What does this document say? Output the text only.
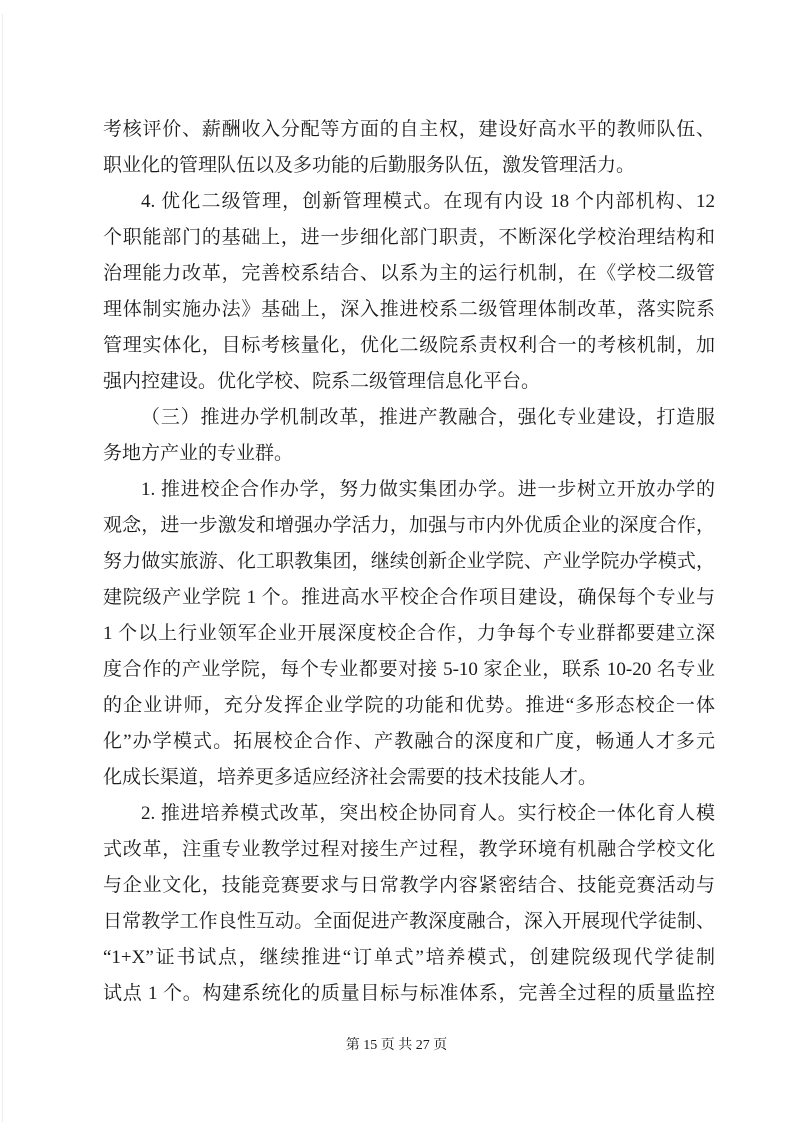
考核评价、薪酬收入分配等方面的自主权，建设好高水平的教师队伍、
职业化的管理队伍以及多功能的后勤服务队伍，激发管理活力。
4. 优化二级管理，创新管理模式。在现有内设 18 个内部机构、12
个职能部门的基础上，进一步细化部门职责，不断深化学校治理结构和
治理能力改革，完善校系结合、以系为主的运行机制，在《学校二级管
理体制实施办法》基础上，深入推进校系二级管理体制改革，落实院系
管理实体化，目标考核量化，优化二级院系责权利合一的考核机制，加
强内控建设。优化学校、院系二级管理信息化平台。
（三）推进办学机制改革，推进产教融合，强化专业建设，打造服
务地方产业的专业群。
1. 推进校企合作办学，努力做实集团办学。进一步树立开放办学的
观念，进一步激发和增强办学活力，加强与市内外优质企业的深度合作，
努力做实旅游、化工职教集团，继续创新企业学院、产业学院办学模式，
建院级产业学院 1 个。推进高水平校企合作项目建设，确保每个专业与
1 个以上行业领军企业开展深度校企合作，力争每个专业群都要建立深
度合作的产业学院，每个专业都要对接 5-10 家企业，联系 10-20 名专业
的企业讲师，充分发挥企业学院的功能和优势。推进“多形态校企一体
化”办学模式。拓展校企合作、产教融合的深度和广度，畅通人才多元
化成长渠道，培养更多适应经济社会需要的技术技能人才。
2. 推进培养模式改革，突出校企协同育人。实行校企一体化育人模
式改革，注重专业教学过程对接生产过程，教学环境有机融合学校文化
与企业文化，技能竞赛要求与日常教学内容紧密结合、技能竞赛活动与
日常教学工作良性互动。全面促进产教深度融合，深入开展现代学徒制、
“1+X”证书试点，继续推进“订单式”培养模式，创建院级现代学徒制
试点 1 个。构建系统化的质量目标与标准体系，完善全过程的质量监控
第 15 页 共 27 页
